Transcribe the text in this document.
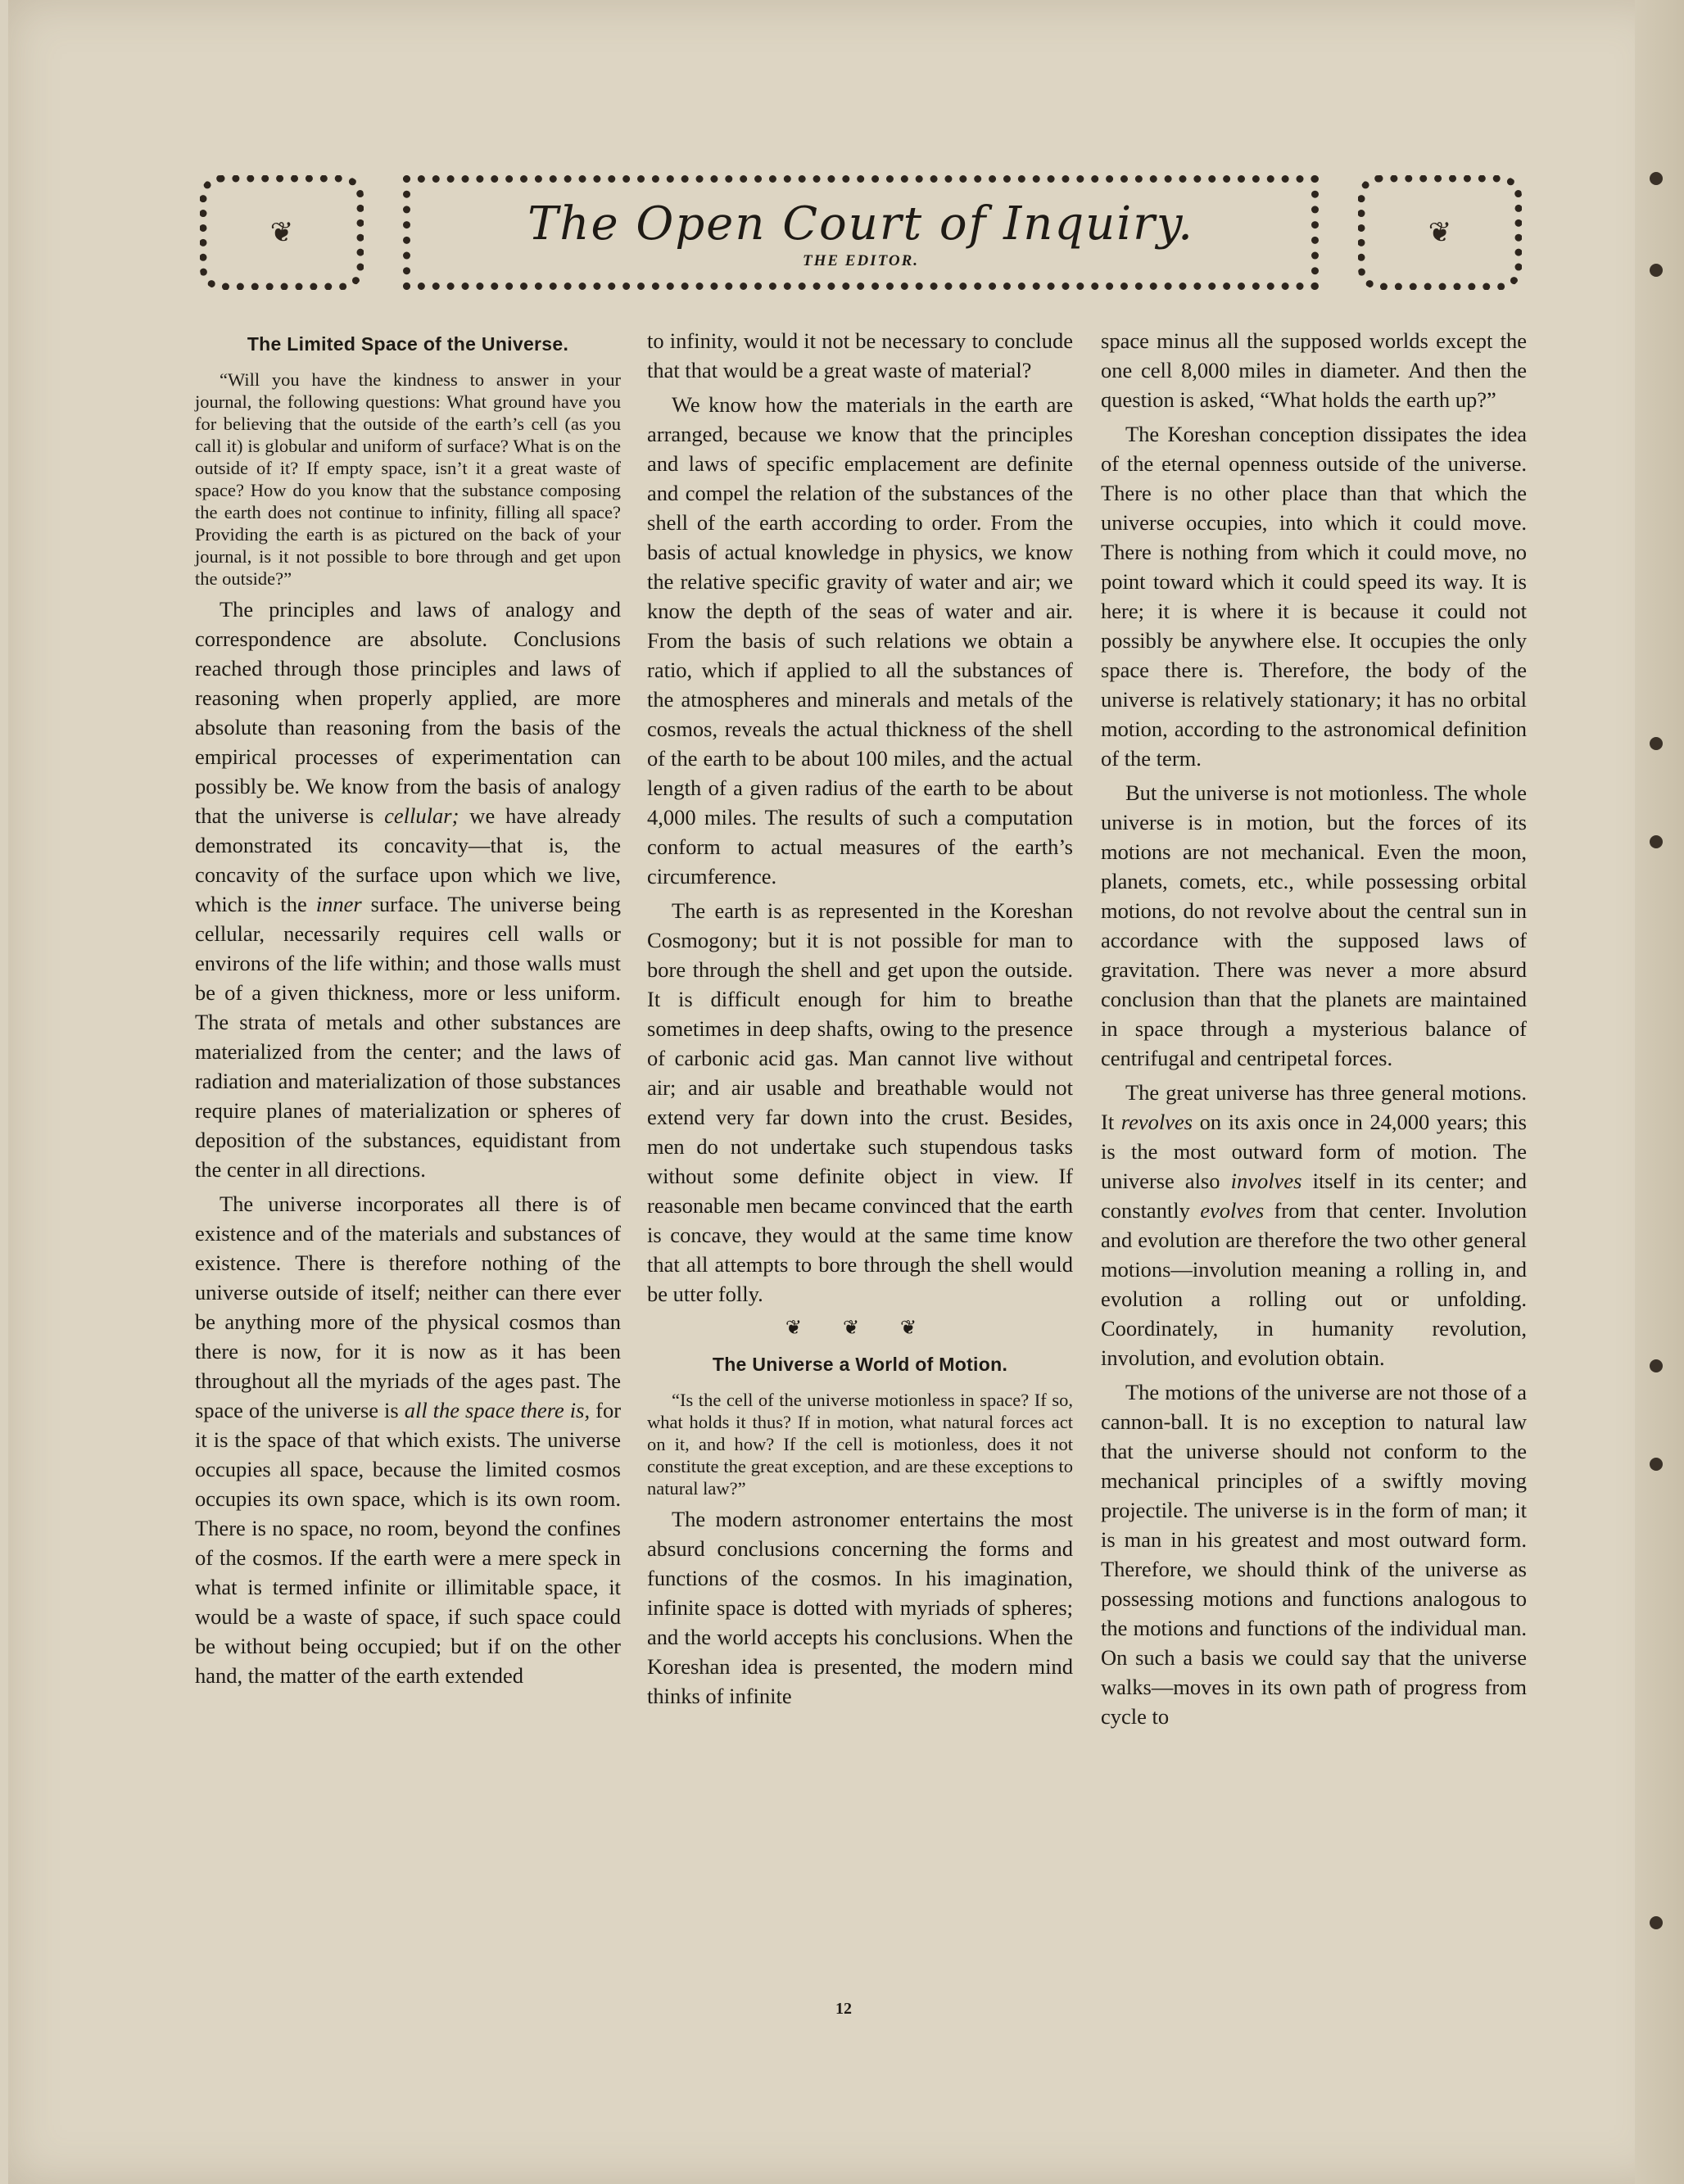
❦	The Open Court of Inquiry.
THE EDITOR.
❦
The Limited Space of the Universe.

“Will you have the kindness to answer in your journal, the following questions: What ground have you for believing that the outside of the earth’s cell (as you call it) is globular and uniform of surface? What is on the outside of it? If empty space, isn’t it a great waste of space? How do you know that the substance composing the earth does not continue to infinity, filling all space? Providing the earth is as pictured on the back of your journal, is it not possible to bore through and get upon the outside?”

The principles and laws of analogy and correspondence are absolute. Conclusions reached through those principles and laws of reasoning when properly applied, are more absolute than reasoning from the basis of the empirical processes of experimentation can possibly be. We know from the basis of analogy that the universe is cellular; we have already demonstrated its concavity—that is, the concavity of the surface upon which we live, which is the inner surface. The universe being cellular, necessarily requires cell walls or environs of the life within; and those walls must be of a given thickness, more or less uniform. The strata of metals and other substances are materialized from the center; and the laws of radiation and materialization of those substances require planes of materialization or spheres of deposition of the substances, equidistant from the center in all directions.

The universe incorporates all there is of existence and of the materials and substances of existence. There is therefore nothing of the universe outside of itself; neither can there ever be anything more of the physical cosmos than there is now, for it is now as it has been throughout all the myriads of the ages past. The space of the universe is all the space there is, for it is the space of that which exists. The universe occupies all space, because the limited cosmos occupies its own space, which is its own room. There is no space, no room, beyond the confines of the cosmos. If the earth were a mere speck in what is termed infinite or illimitable space, it would be a waste of space, if such space could be without being occupied; but if on the other hand, the matter of the earth extended

to infinity, would it not be necessary to conclude that that would be a great waste of material?

We know how the materials in the earth are arranged, because we know that the principles and laws of specific emplacement are definite and compel the relation of the substances of the shell of the earth according to order. From the basis of actual knowledge in physics, we know the relative specific gravity of water and air; we know the depth of the seas of water and air. From the basis of such relations we obtain a ratio, which if applied to all the substances of the atmospheres and minerals and metals of the cosmos, reveals the actual thickness of the shell of the earth to be about 100 miles, and the actual length of a given radius of the earth to be about 4,000 miles. The results of such a computation conform to actual measures of the earth’s circumference.

The earth is as represented in the Koreshan Cosmogony; but it is not possible for man to bore through the shell and get upon the outside. It is difficult enough for him to breathe sometimes in deep shafts, owing to the presence of carbonic acid gas. Man cannot live without air; and air usable and breathable would not extend very far down into the crust. Besides, men do not undertake such stupendous tasks without some definite object in view. If reasonable men became convinced that the earth is concave, they would at the same time know that all attempts to bore through the shell would be utter folly.

❦ ❦ ❦
The Universe a World of Motion.

“Is the cell of the universe motionless in space? If so, what holds it thus? If in motion, what natural forces act on it, and how? If the cell is motionless, does it not constitute the great exception, and are these exceptions to natural law?”

The modern astronomer entertains the most absurd conclusions concerning the forms and functions of the cosmos. In his imagination, infinite space is dotted with myriads of spheres; and the world accepts his conclusions. When the Koreshan idea is presented, the modern mind thinks of infinite

space minus all the supposed worlds except the one cell 8,000 miles in diameter. And then the question is asked, “What holds the earth up?”

The Koreshan conception dissipates the idea of the eternal openness outside of the universe. There is no other place than that which the universe occupies, into which it could move. There is nothing from which it could move, no point toward which it could speed its way. It is here; it is where it is because it could not possibly be anywhere else. It occupies the only space there is. Therefore, the body of the universe is relatively stationary; it has no orbital motion, according to the astronomical definition of the term.

But the universe is not motionless. The whole universe is in motion, but the forces of its motions are not mechanical. Even the moon, planets, comets, etc., while possessing orbital motions, do not revolve about the central sun in accordance with the supposed laws of gravitation. There was never a more absurd conclusion than that the planets are maintained in space through a mysterious balance of centrifugal and centripetal forces.

The great universe has three general motions. It revolves on its axis once in 24,000 years; this is the most outward form of motion. The universe also involves itself in its center; and constantly evolves from that center. Involution and evolution are therefore the two other general motions—involution meaning a rolling in, and evolution a rolling out or unfolding. Coordinately, in humanity revolution, involution, and evolution obtain.

The motions of the universe are not those of a cannon-ball. It is no exception to natural law that the universe should not conform to the mechanical principles of a swiftly moving projectile. The universe is in the form of man; it is man in his greatest and most outward form. Therefore, we should think of the universe as possessing motions and functions analogous to the motions and functions of the individual man. On such a basis we could say that the universe walks—moves in its own path of progress from cycle to

12
